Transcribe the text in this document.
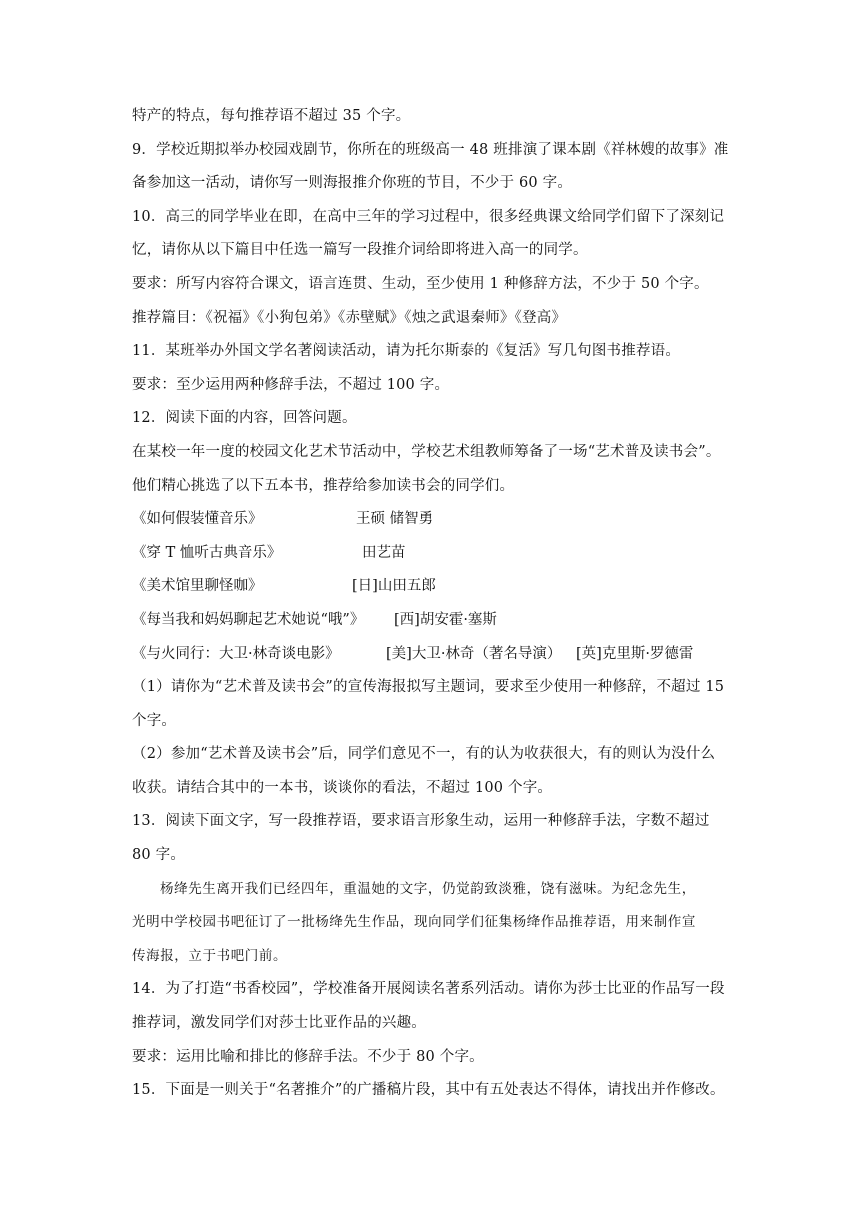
特产的特点，每句推荐语不超过 35 个字。
9．学校近期拟举办校园戏剧节，你所在的班级高一 48 班排演了课本剧《祥林嫂的故事》准
备参加这一活动，请你写一则海报推介你班的节目，不少于 60 字。
10．高三的同学毕业在即，在高中三年的学习过程中，很多经典课文给同学们留下了深刻记
忆，请你从以下篇目中任选一篇写一段推介词给即将进入高一的同学。
要求：所写内容符合课文，语言连贯、生动，至少使用 1 种修辞方法，不少于 50 个字。
推荐篇目：《祝福》《小狗包弟》《赤壁赋》《烛之武退秦师》《登高》
11．某班举办外国文学名著阅读活动，请为托尔斯泰的《复活》写几句图书推荐语。
要求：至少运用两种修辞手法，不超过 100 字。
12．阅读下面的内容，回答问题。
在某校一年一度的校园文化艺术节活动中，学校艺术组教师筹备了一场“艺术普及读书会”。
他们精心挑选了以下五本书，推荐给参加读书会的同学们。
《如何假装懂音乐》	王硕 储智勇
《穿 T 恤听古典音乐》	田艺苗
《美术馆里聊怪咖》	[日]山田五郎
《每当我和妈妈聊起艺术她说“哦”》 [西]胡安霍·塞斯
《与火同行：大卫·林奇谈电影》	[美]大卫·林奇（著名导演） [英]克里斯·罗德雷
（1）请你为“艺术普及读书会”的宣传海报拟写主题词，要求至少使用一种修辞，不超过 15
个字。
（2）参加“艺术普及读书会”后，同学们意见不一，有的认为收获很大，有的则认为没什么
收获。请结合其中的一本书，谈谈你的看法，不超过 100 个字。
13．阅读下面文字，写一段推荐语，要求语言形象生动，运用一种修辞手法，字数不超过
80 字。
杨绛先生离开我们已经四年，重温她的文字，仍觉韵致淡雅，饶有滋味。为纪念先生，
光明中学校园书吧征订了一批杨绛先生作品，现向同学们征集杨绛作品推荐语，用来制作宣
传海报，立于书吧门前。
14．为了打造“书香校园”，学校准备开展阅读名著系列活动。请你为莎士比亚的作品写一段
推荐词，激发同学们对莎士比亚作品的兴趣。
要求：运用比喻和排比的修辞手法。不少于 80 个字。
15．下面是一则关于“名著推介”的广播稿片段，其中有五处表达不得体，请找出并作修改。
